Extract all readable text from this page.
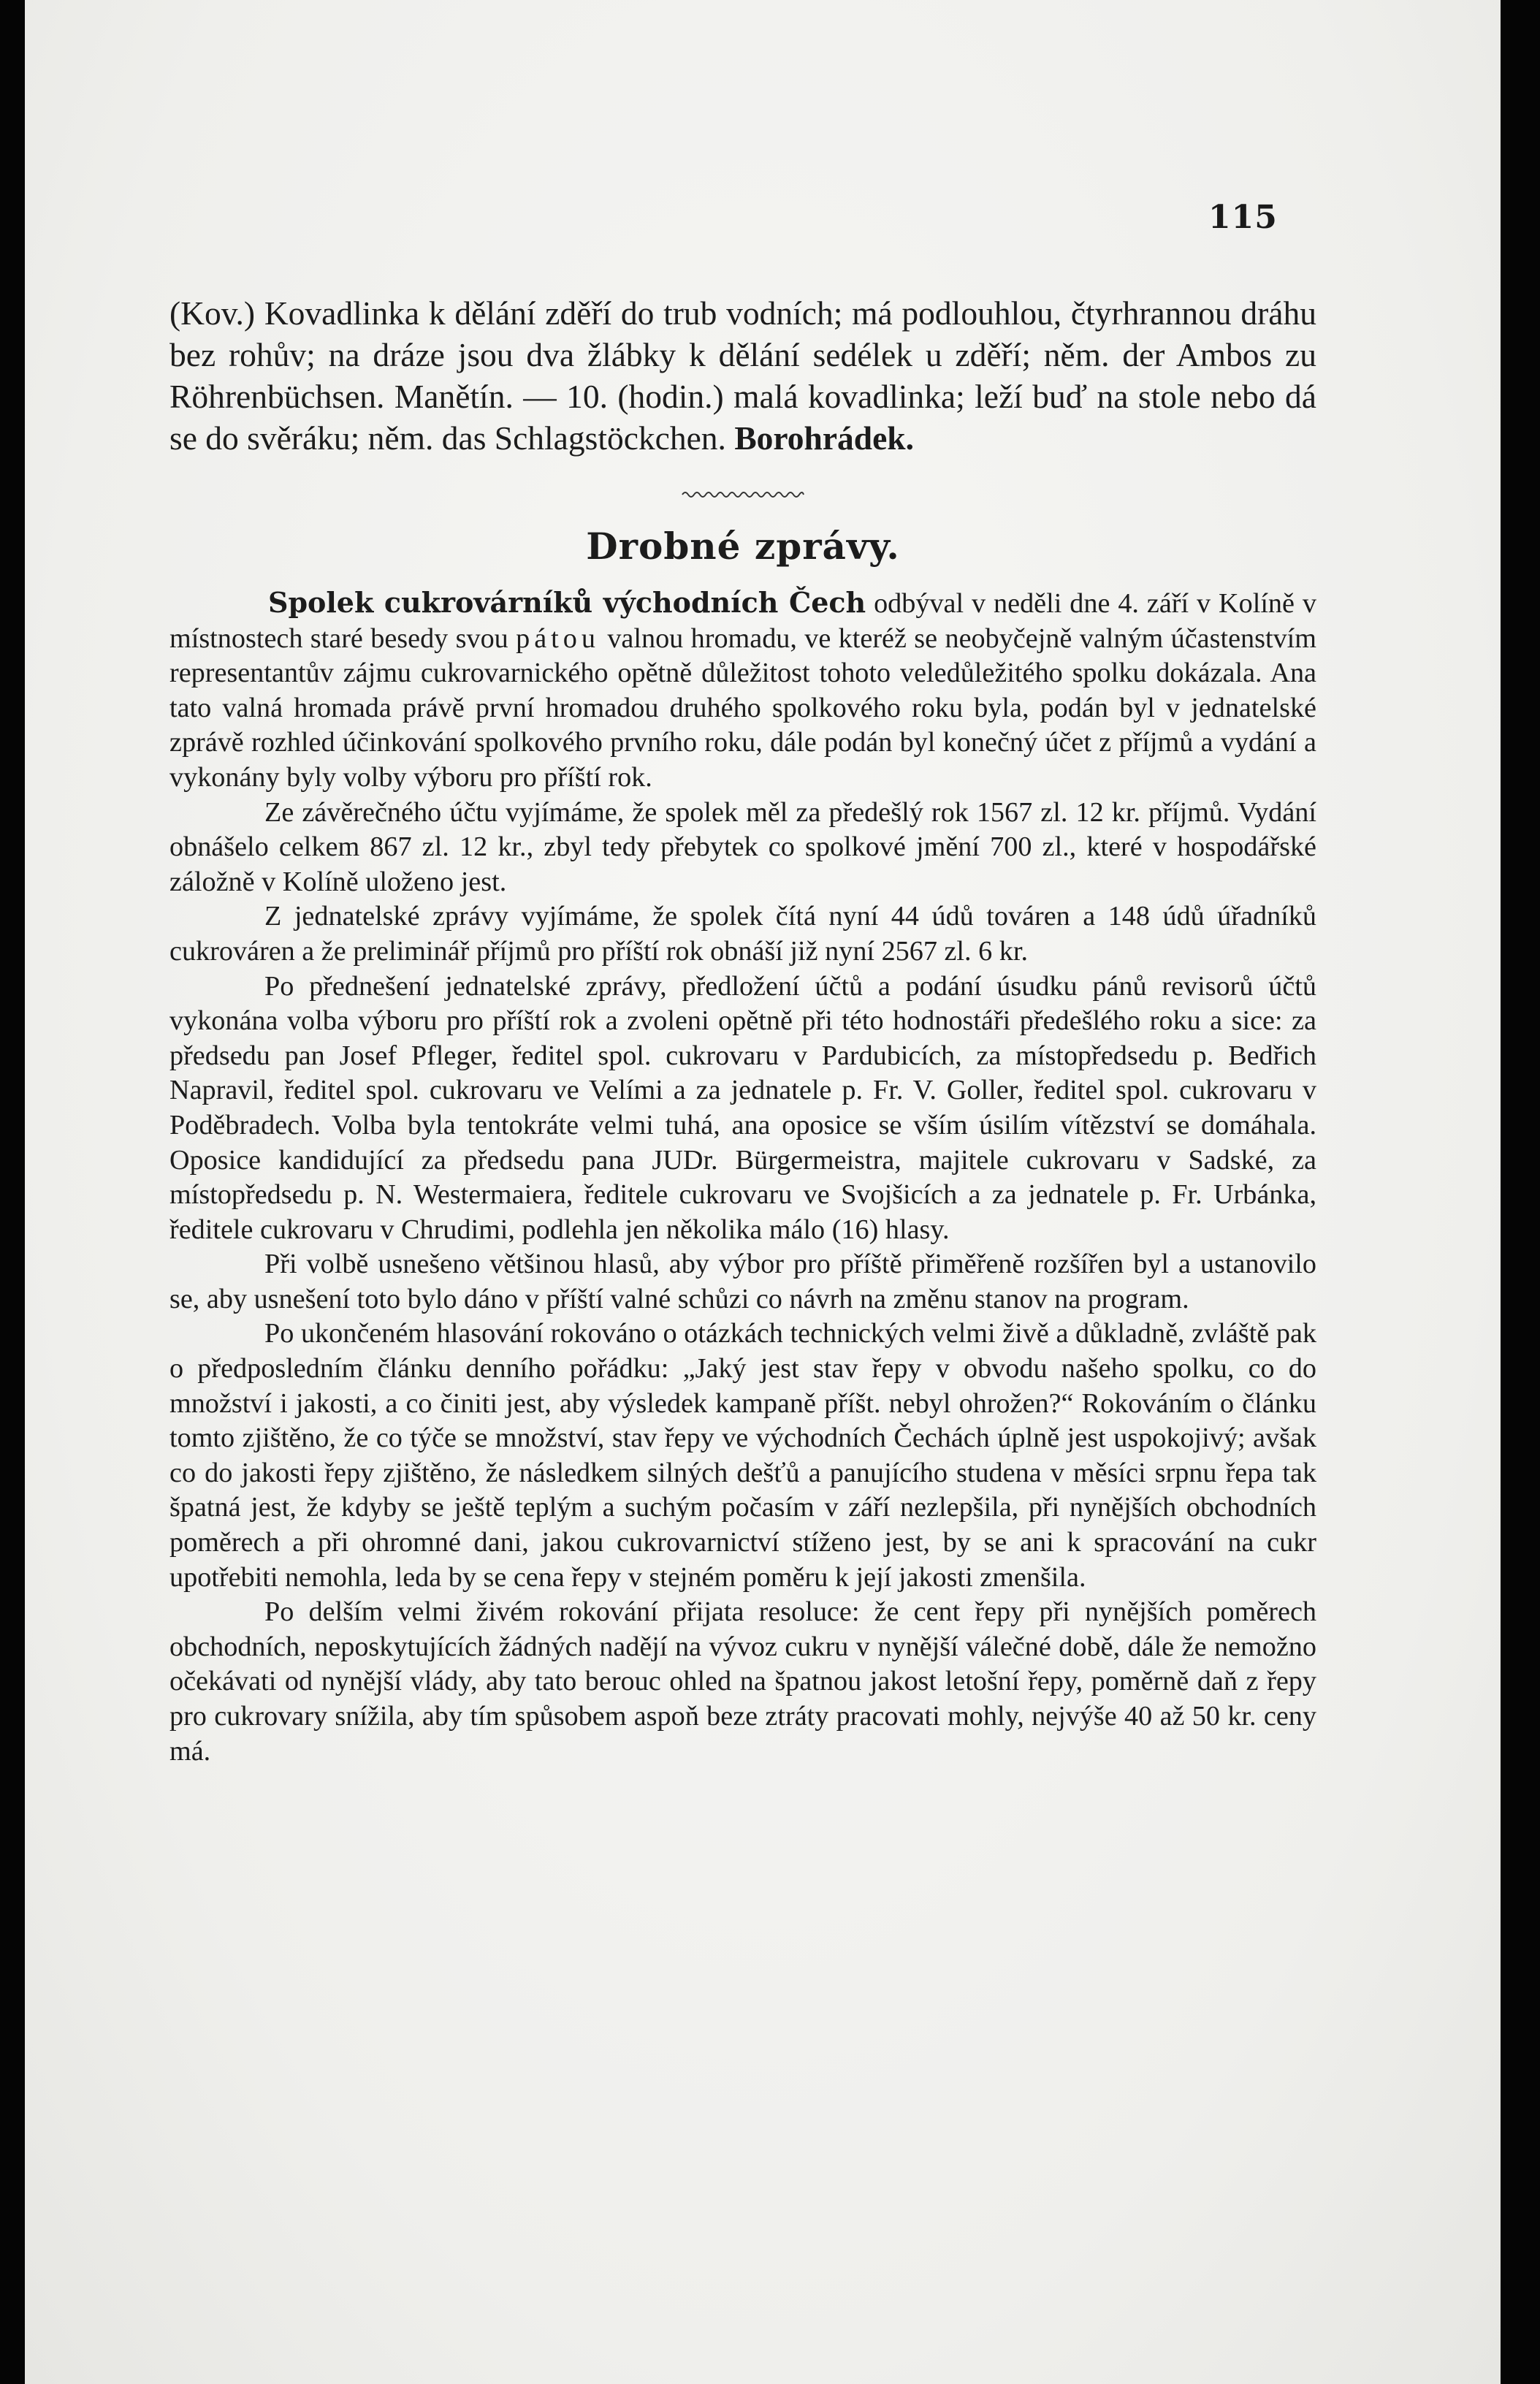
115

(Kov.) Kovadlinka k dělání zděří do trub vodních; má podlouhlou, čtyrhrannou dráhu bez rohův; na dráze jsou dva žlábky k dělání sedélek u zděří; něm. der Ambos zu Röhrenbüchsen. Manětín. — 10. (hodin.) malá kovadlinka; leží buď na stole nebo dá se do svěráku; něm. das Schlagstöckchen. Borohrádek.

Drobné zprávy.

Spolek cukrovárníků východních Čech odbýval v neděli dne 4. září v Kolíně v místnostech staré besedy svou pátou valnou hromadu, ve kteréž se neobyčejně valným účastenstvím representantův zájmu cukrovarnického opětně důležitost tohoto veledůležitého spolku dokázala. Ana tato valná hromada právě první hromadou druhého spolkového roku byla, podán byl v jednatelské zprávě rozhled účinkování spolkového prvního roku, dále podán byl konečný účet z příjmů a vydání a vykonány byly volby výboru pro příští rok.

Ze závěrečného účtu vyjímáme, že spolek měl za předešlý rok 1567 zl. 12 kr. příjmů. Vydání obnášelo celkem 867 zl. 12 kr., zbyl tedy přebytek co spolkové jmění 700 zl., které v hospodářské záložně v Kolíně uloženo jest.

Z jednatelské zprávy vyjímáme, že spolek čítá nyní 44 údů továren a 148 údů úřadníků cukrováren a že preliminář příjmů pro příští rok obnáší již nyní 2567 zl. 6 kr.

Po přednešení jednatelské zprávy, předložení účtů a podání úsudku pánů revisorů účtů vykonána volba výboru pro příští rok a zvoleni opětně při této hodnostáři předešlého roku a sice: za předsedu pan Josef Pfleger, ředitel spol. cukrovaru v Pardubicích, za místopředsedu p. Bedřich Napravil, ředitel spol. cukrovaru ve Velími a za jednatele p. Fr. V. Goller, ředitel spol. cukrovaru v Poděbradech. Volba byla tentokráte velmi tuhá, ana oposice se vším úsilím vítězství se domáhala. Oposice kandidující za předsedu pana JUDr. Bürgermeistra, majitele cukrovaru v Sadské, za místopředsedu p. N. Westermaiera, ředitele cukrovaru ve Svojšicích a za jednatele p. Fr. Urbánka, ředitele cukrovaru v Chrudimi, podlehla jen několika málo (16) hlasy.

Při volbě usnešeno většinou hlasů, aby výbor pro příště přiměřeně rozšířen byl a ustanovilo se, aby usnešení toto bylo dáno v příští valné schůzi co návrh na změnu stanov na program.

Po ukončeném hlasování rokováno o otázkách technických velmi živě a důkladně, zvláště pak o předposledním článku denního pořádku: „Jaký jest stav řepy v obvodu našeho spolku, co do množství i jakosti, a co činiti jest, aby výsledek kampaně příšt. nebyl ohrožen?“ Rokováním o článku tomto zjištěno, že co týče se množství, stav řepy ve východních Čechách úplně jest uspokojivý; avšak co do jakosti řepy zjištěno, že následkem silných dešťů a panujícího studena v měsíci srpnu řepa tak špatná jest, že kdyby se ještě teplým a suchým počasím v září nezlepšila, při nynějších obchodních poměrech a při ohromné dani, jakou cukrovarnictví stíženo jest, by se ani k spracování na cukr upotřebiti nemohla, leda by se cena řepy v stejném poměru k její jakosti zmenšila.

Po delším velmi živém rokování přijata resoluce: že cent řepy při nynějších poměrech obchodních, neposkytujících žádných nadějí na vývoz cukru v nynější válečné době, dále že nemožno očekávati od nynější vlády, aby tato berouc ohled na špatnou jakost letošní řepy, poměrně daň z řepy pro cukrovary snížila, aby tím spůsobem aspoň beze ztráty pracovati mohly, nejvýše 40 až 50 kr. ceny má.
